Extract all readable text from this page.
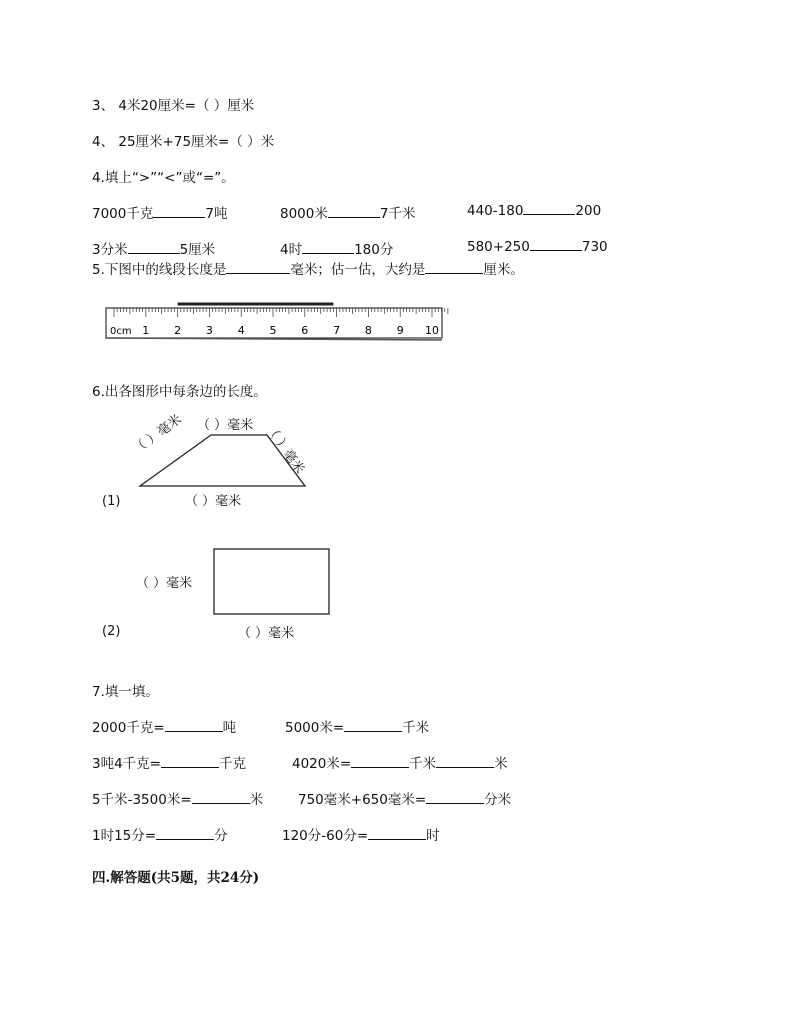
3、 4米20厘米=（ ）厘米
4、 25厘米+75厘米=（ ）米
4.填上“>”“<”或“=”。
7000千克	7吨	8000米	7千米	440-180	200
3分米	5厘米	4时	180分	580+250	730
5.下图中的线段长度是	毫米；估一估，大约是	厘米。
0cm 1 2 3 4 5 6 7 8 9 10
6.出各图形中每条边的长度。
（ ）毫米
（ ）毫米	（ ）毫米
（ ）毫米
(1)
（ ）毫米
（ ）毫米
(2)
7.填一填。
2000千克=	吨	5000米=	千米
3吨4千克=	千克	4020米=	千米	米
5千米-3500米=	米	750毫米+650毫米=	分米
1时15分=	分	120分-60分=	时
四.解答题(共5题，共24分)
